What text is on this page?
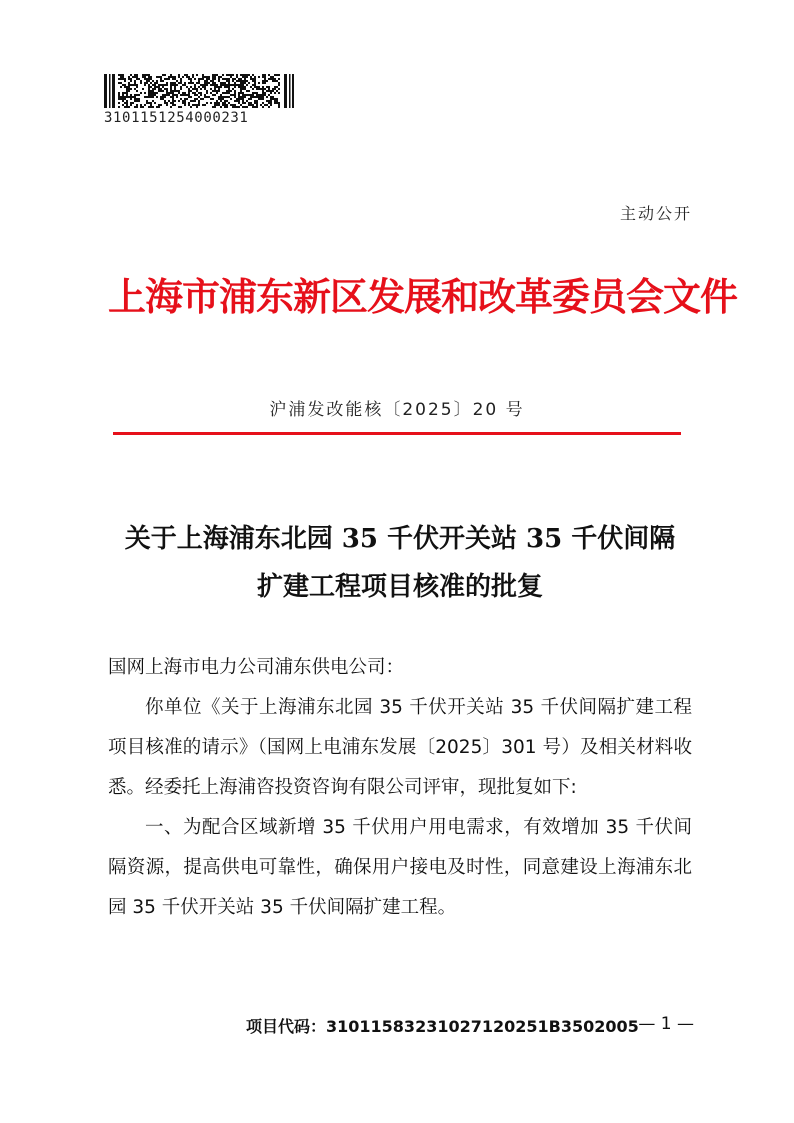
3101151254000231
主动公开
上海市浦东新区发展和改革委员会文件
沪浦发改能核〔2025〕20 号
关于上海浦东北园 35 千伏开关站 35 千伏间隔
扩建工程项目核准的批复

国网上海市电力公司浦东供电公司：

你单位《关于上海浦东北园 35 千伏开关站 35 千伏间隔扩建工程项目核准的请示》（国网上电浦东发展〔2025〕301 号）及相关材料收悉。经委托上海浦咨投资咨询有限公司评审，现批复如下:

一、为配合区域新增 35 千伏用户用电需求，有效增加 35 千伏间隔资源，提高供电可靠性，确保用户接电及时性，同意建设上海浦东北园 35 千伏开关站 35 千伏间隔扩建工程。

项目代码：31011583231027120251B3502005 — 1 —
